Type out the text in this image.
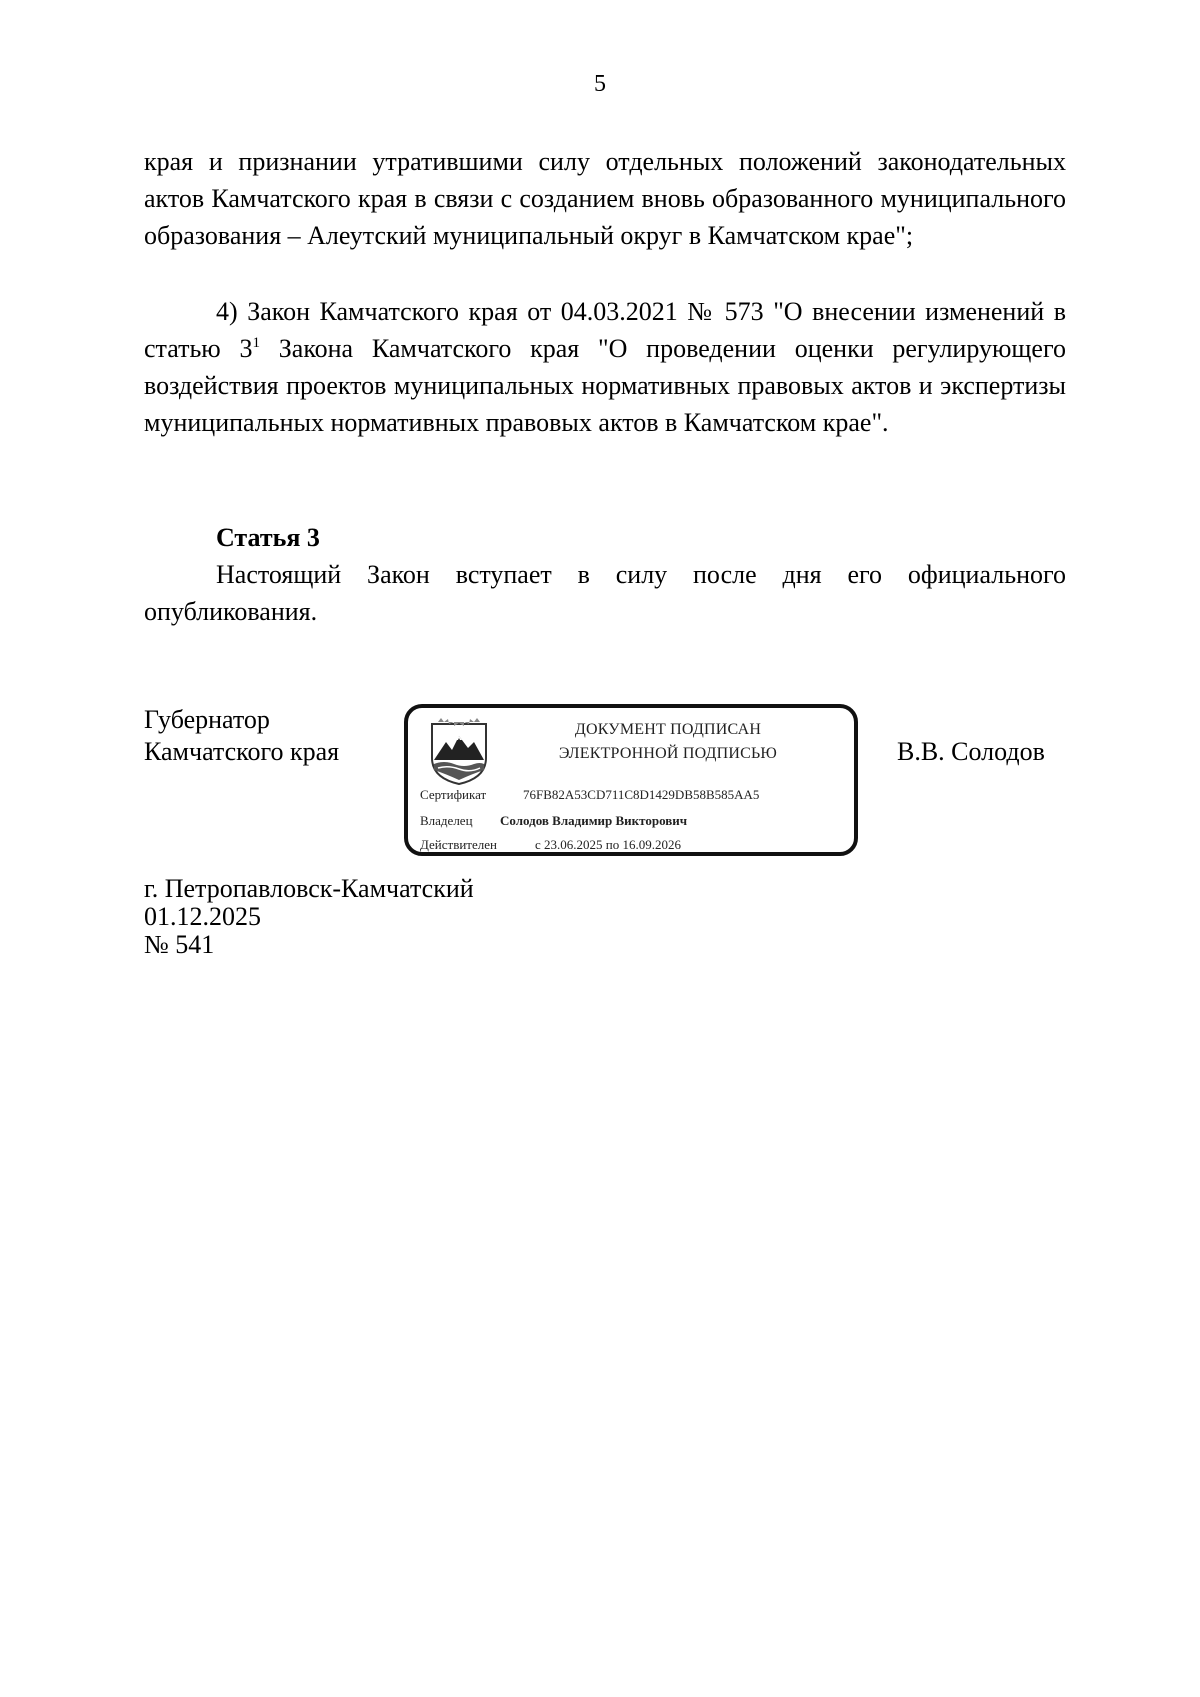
5

края и признании утратившими силу отдельных положений законодательных актов Камчатского края в связи с созданием вновь образованного муниципального образования – Алеутский муниципальный округ в Камчатском крае";

4) Закон Камчатского края от 04.03.2021 № 573 "О внесении изменений в статью $3^1$ Закона Камчатского края "О проведении оценки регулирующего воздействия проектов муниципальных нормативных правовых актов и экспертизы муниципальных нормативных правовых актов в Камчатском крае".

Статья 3

Настоящий Закон вступает в силу после дня его официального опубликования.

Губернатор
Камчатского края
ДОКУМЕНТ ПОДПИСАН
ЭЛЕКТРОННОЙ ПОДПИСЬЮ
Сертификат	76FB82A53CD711C8D1429DB58B585AA5
Владелец Солодов Владимир Викторович
Действителен	с 23.06.2025 по 16.09.2026
В.В. Солодов
г. Петропавловск-Камчатский
01.12.2025
№ 541
